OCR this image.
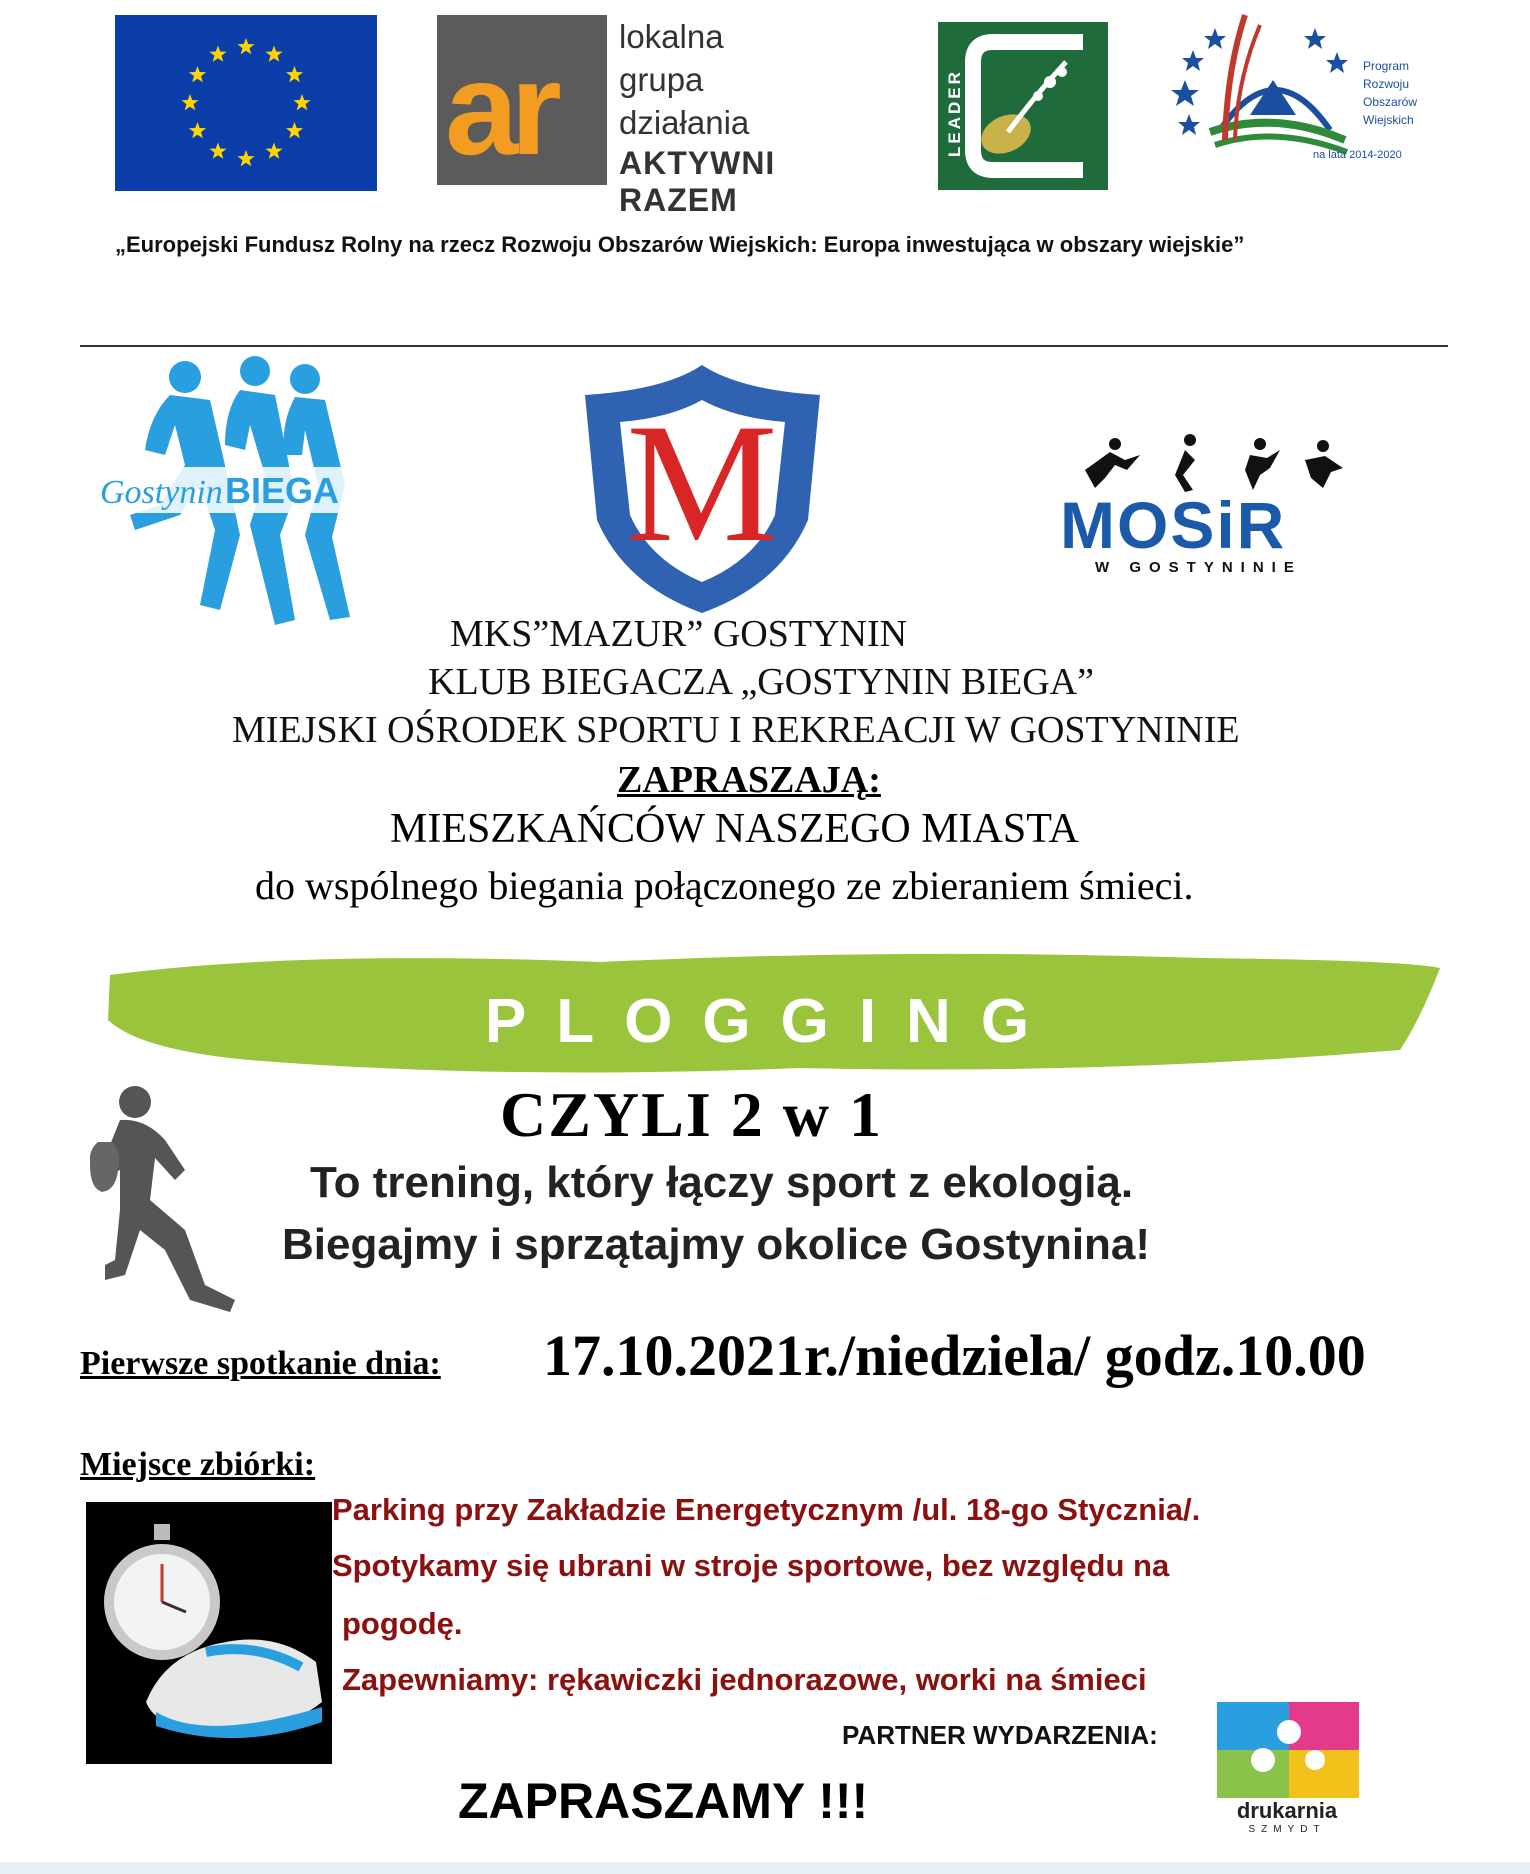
ar lokalna
grupa
działania
AKTYWNI RAZEM
LEADER
Program
Rozwoju
Obszarów
Wiejskich
na lata 2014-2020
„Europejski Fundusz Rolny na rzecz Rozwoju Obszarów Wiejskich: Europa inwestująca w obszary wiejskie”
Gostynin BIEGA M	MOSiR
W GOSTYNINIE
MKS”MAZUR” GOSTYNIN
KLUB BIEGACZA „GOSTYNIN BIEGA”
MIEJSKI OŚRODEK SPORTU I REKREACJI W GOSTYNINIE
ZAPRASZAJĄ:
MIESZKAŃCÓW NASZEGO MIASTA
do wspólnego biegania połączonego ze zbieraniem śmieci.
PLOGGING
CZYLI 2 w 1
To trening, który łączy sport z ekologią.
Biegajmy i sprzątajmy okolice Gostynina!
Pierwsze spotkanie dnia: 17.10.2021r./niedziela/ godz.10.00
Miejsce zbiórki:
Parking przy Zakładzie Energetycznym /ul. 18-go Stycznia/.
Spotykamy się ubrani w stroje sportowe, bez względu na
pogodę.
Zapewniamy: rękawiczki jednorazowe, worki na śmieci
PARTNER WYDARZENIA:
drukarnia
SZMYDT
ZAPRASZAMY !!!
